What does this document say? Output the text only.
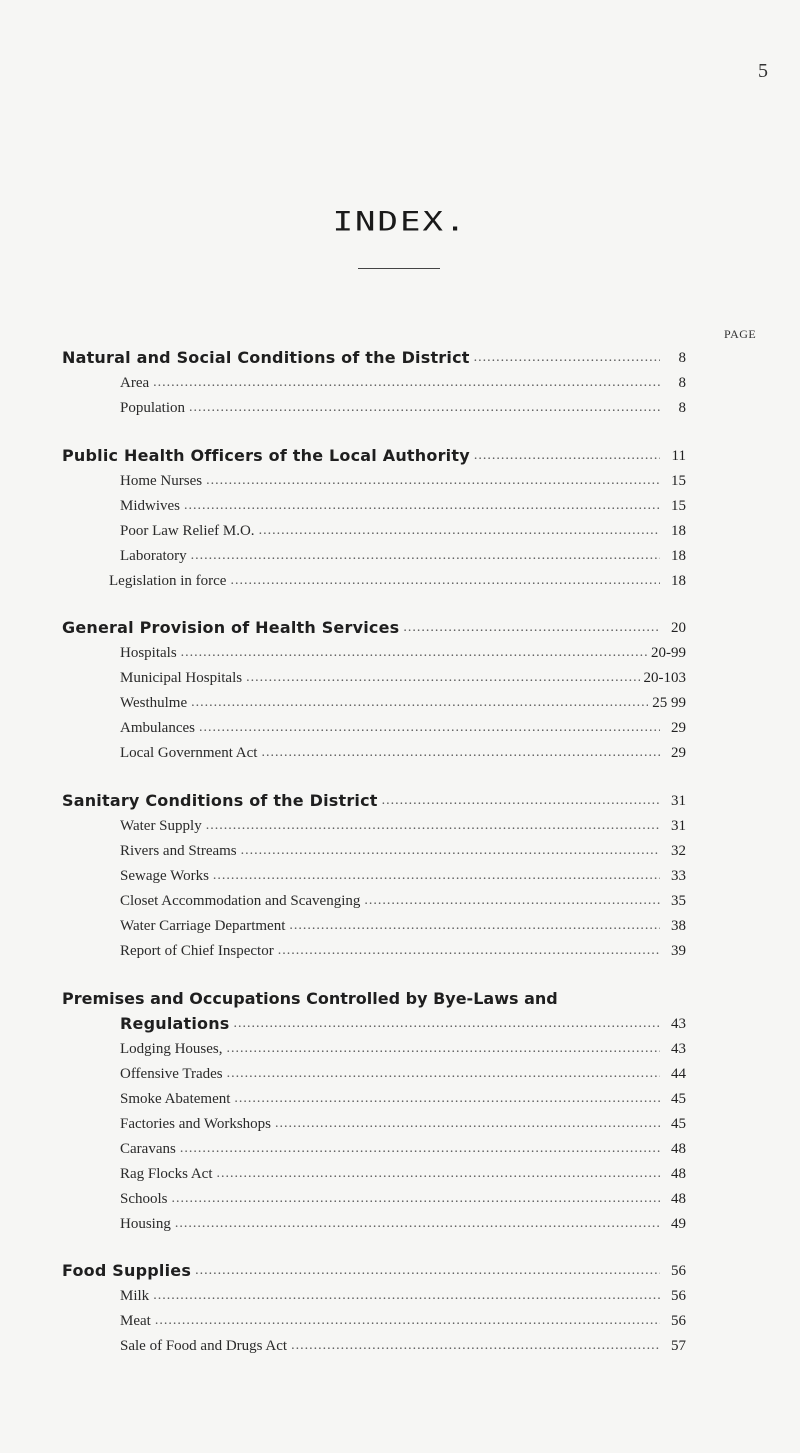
5
INDEX.
PAGE
Natural and Social Conditions of the District .....	8
Area .....	8
Population .....	8
Public Health Officers of the Local Authority .....	11
Home Nurses .....	15
Midwives .....	15
Poor Law Relief M.O. .....	18
Laboratory .....	18
Legislation in force .....	18
General Provision of Health Services .....	20
Hospitals .....	20-99
Municipal Hospitals .....	20-103
Westhulme .....	25 99
Ambulances .....	29
Local Government Act .....	29
Sanitary Conditions of the District .....	31
Water Supply .....	31
Rivers and Streams .....	32
Sewage Works .....	33
Closet Accommodation and Scavenging .....	35
Water Carriage Department .....	38
Report of Chief Inspector .....	39
Premises and Occupations Controlled by Bye-Laws and
Regulations .....	43
Lodging Houses, .....	43
Offensive Trades .....	44
Smoke Abatement .....	45
Factories and Workshops .....	45
Caravans .....	48
Rag Flocks Act .....	48
Schools .....	48
Housing .....	49
Food Supplies .....	56
Milk .....	56
Meat .....	56
Sale of Food and Drugs Act .....	57
